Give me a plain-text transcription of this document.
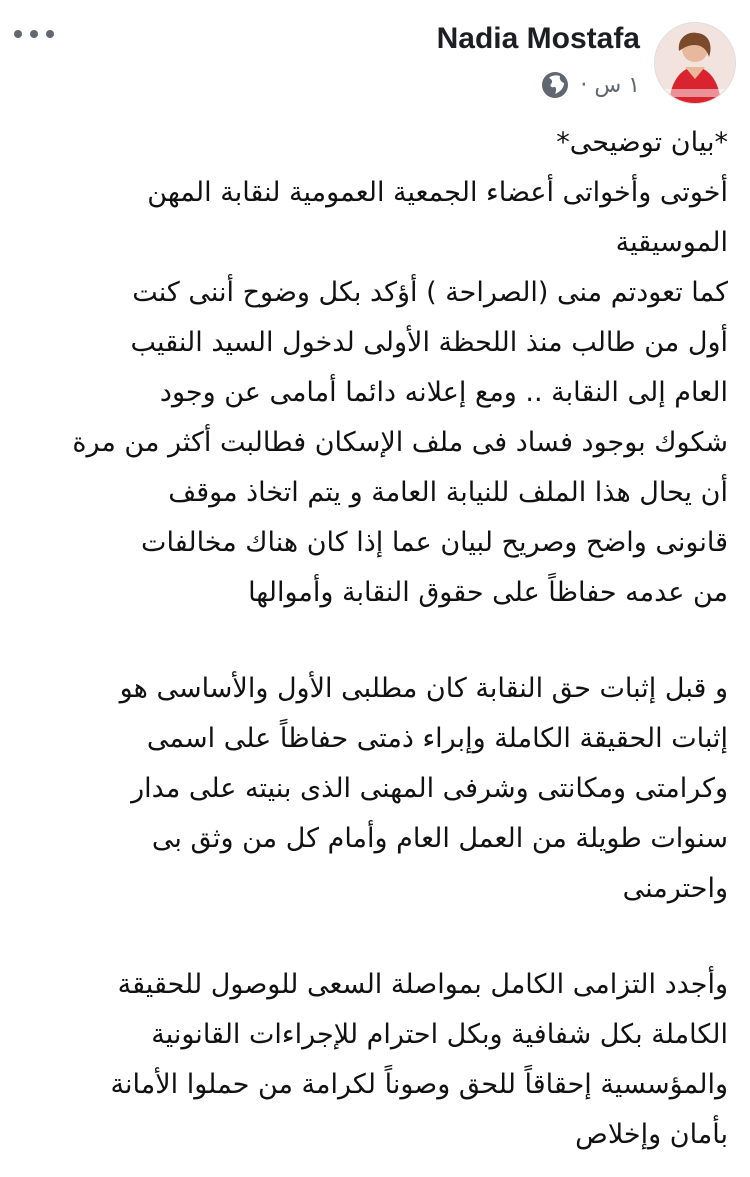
Nadia Mostafa
١ س ·
*بيان توضيحى*
أخوتى وأخواتى أعضاء الجمعية العمومية لنقابة المهن
الموسيقية
كما تعودتم منى (الصراحة ) أؤكد بكل وضوح أننى كنت
أول من طالب منذ اللحظة الأولى لدخول السيد النقيب
العام إلى النقابة .. ومع إعلانه دائما أمامى عن وجود
شكوك بوجود فساد فى ملف الإسكان فطالبت أكثر من مرة
أن يحال هذا الملف للنيابة العامة و يتم اتخاذ موقف
قانونى واضح وصريح لبيان عما إذا كان هناك مخالفات
من عدمه حفاظاً على حقوق النقابة وأموالها
و قبل إثبات حق النقابة كان مطلبى الأول والأساسى هو
إثبات الحقيقة الكاملة وإبراء ذمتى حفاظاً على اسمى
وكرامتى ومكانتى وشرفى المهنى الذى بنيته على مدار
سنوات طويلة من العمل العام وأمام كل من وثق بى
واحترمنى
وأجدد التزامى الكامل بمواصلة السعى للوصول للحقيقة
الكاملة بكل شفافية وبكل احترام للإجراءات القانونية
والمؤسسية إحقاقاً للحق وصوناً لكرامة من حملوا الأمانة
بأمان وإخلاص
